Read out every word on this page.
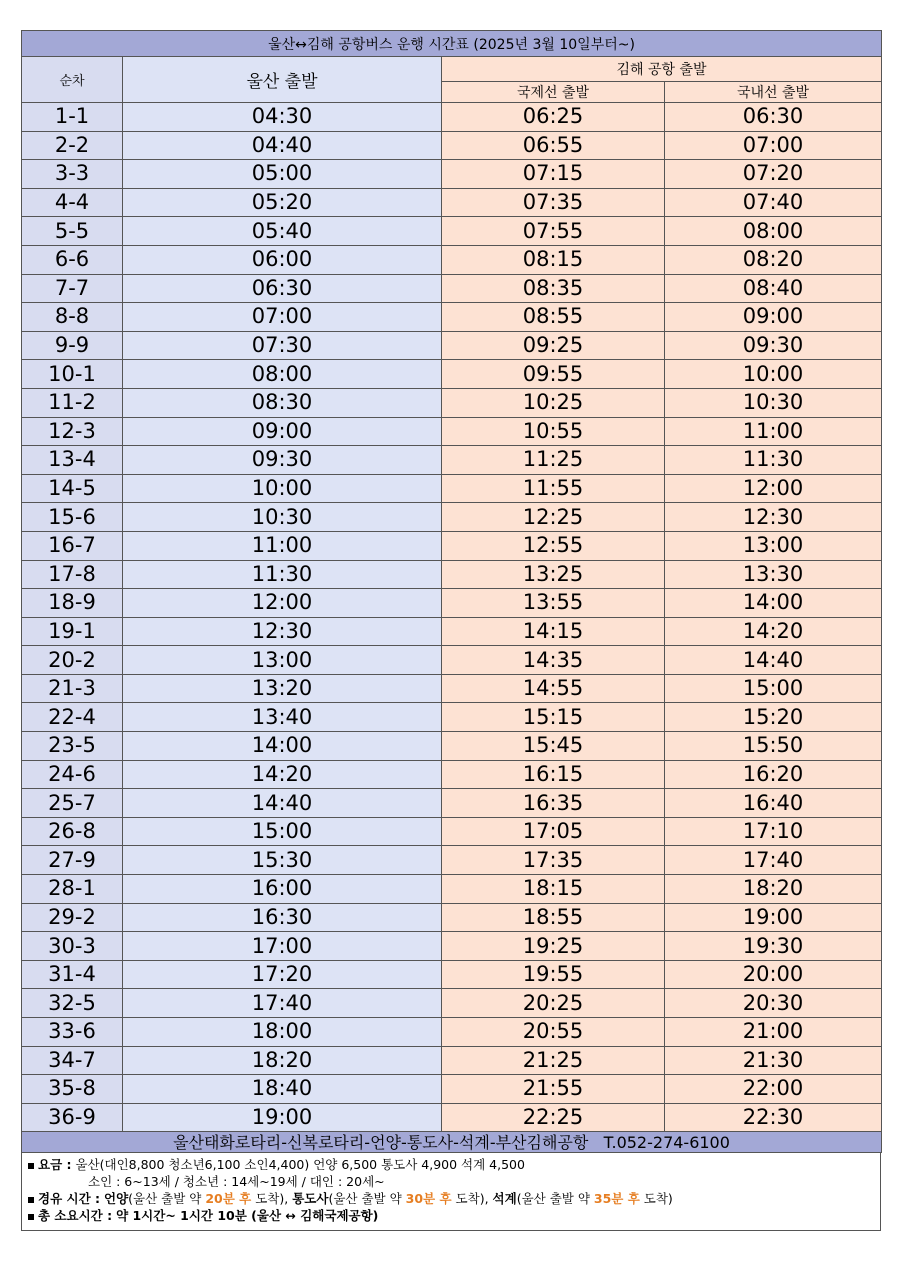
울산↔김해 공항버스 운행 시간표 (2025년 3월 10일부터~)			
순차	울산 출발	김해 공항 출발	
		국제선 출발	국내선 출발
1-1	04:30	06:25	06:30
2-2	04:40	06:55	07:00
3-3	05:00	07:15	07:20
4-4	05:20	07:35	07:40
5-5	05:40	07:55	08:00
6-6	06:00	08:15	08:20
7-7	06:30	08:35	08:40
8-8	07:00	08:55	09:00
9-9	07:30	09:25	09:30
10-1	08:00	09:55	10:00
11-2	08:30	10:25	10:30
12-3	09:00	10:55	11:00
13-4	09:30	11:25	11:30
14-5	10:00	11:55	12:00
15-6	10:30	12:25	12:30
16-7	11:00	12:55	13:00
17-8	11:30	13:25	13:30
18-9	12:00	13:55	14:00
19-1	12:30	14:15	14:20
20-2	13:00	14:35	14:40
21-3	13:20	14:55	15:00
22-4	13:40	15:15	15:20
23-5	14:00	15:45	15:50
24-6	14:20	16:15	16:20
25-7	14:40	16:35	16:40
26-8	15:00	17:05	17:10
27-9	15:30	17:35	17:40
28-1	16:00	18:15	18:20
29-2	16:30	18:55	19:00
30-3	17:00	19:25	19:30
31-4	17:20	19:55	20:00
32-5	17:40	20:25	20:30
33-6	18:00	20:55	21:00
34-7	18:20	21:25	21:30
35-8	18:40	21:55	22:00
36-9	19:00	22:25	22:30
울산태화로타리-신복로타리-언양-통도사-석계-부산김해공항 T.052-274-6100			
요금 : 울산(대인8,800 청소년6,100 소인4,400) 언양 6,500 통도사 4,900 석계 4,500
소인 : 6~13세 / 청소년 : 14세~19세 / 대인 : 20세~
경유 시간 : 언양(울산 출발 약 20분 후 도착), 통도사(울산 출발 약 30분 후 도착), 석계(울산 출발 약 35분 후 도착)
총 소요시간 : 약 1시간~ 1시간 10분 (울산 ↔ 김해국제공항)
